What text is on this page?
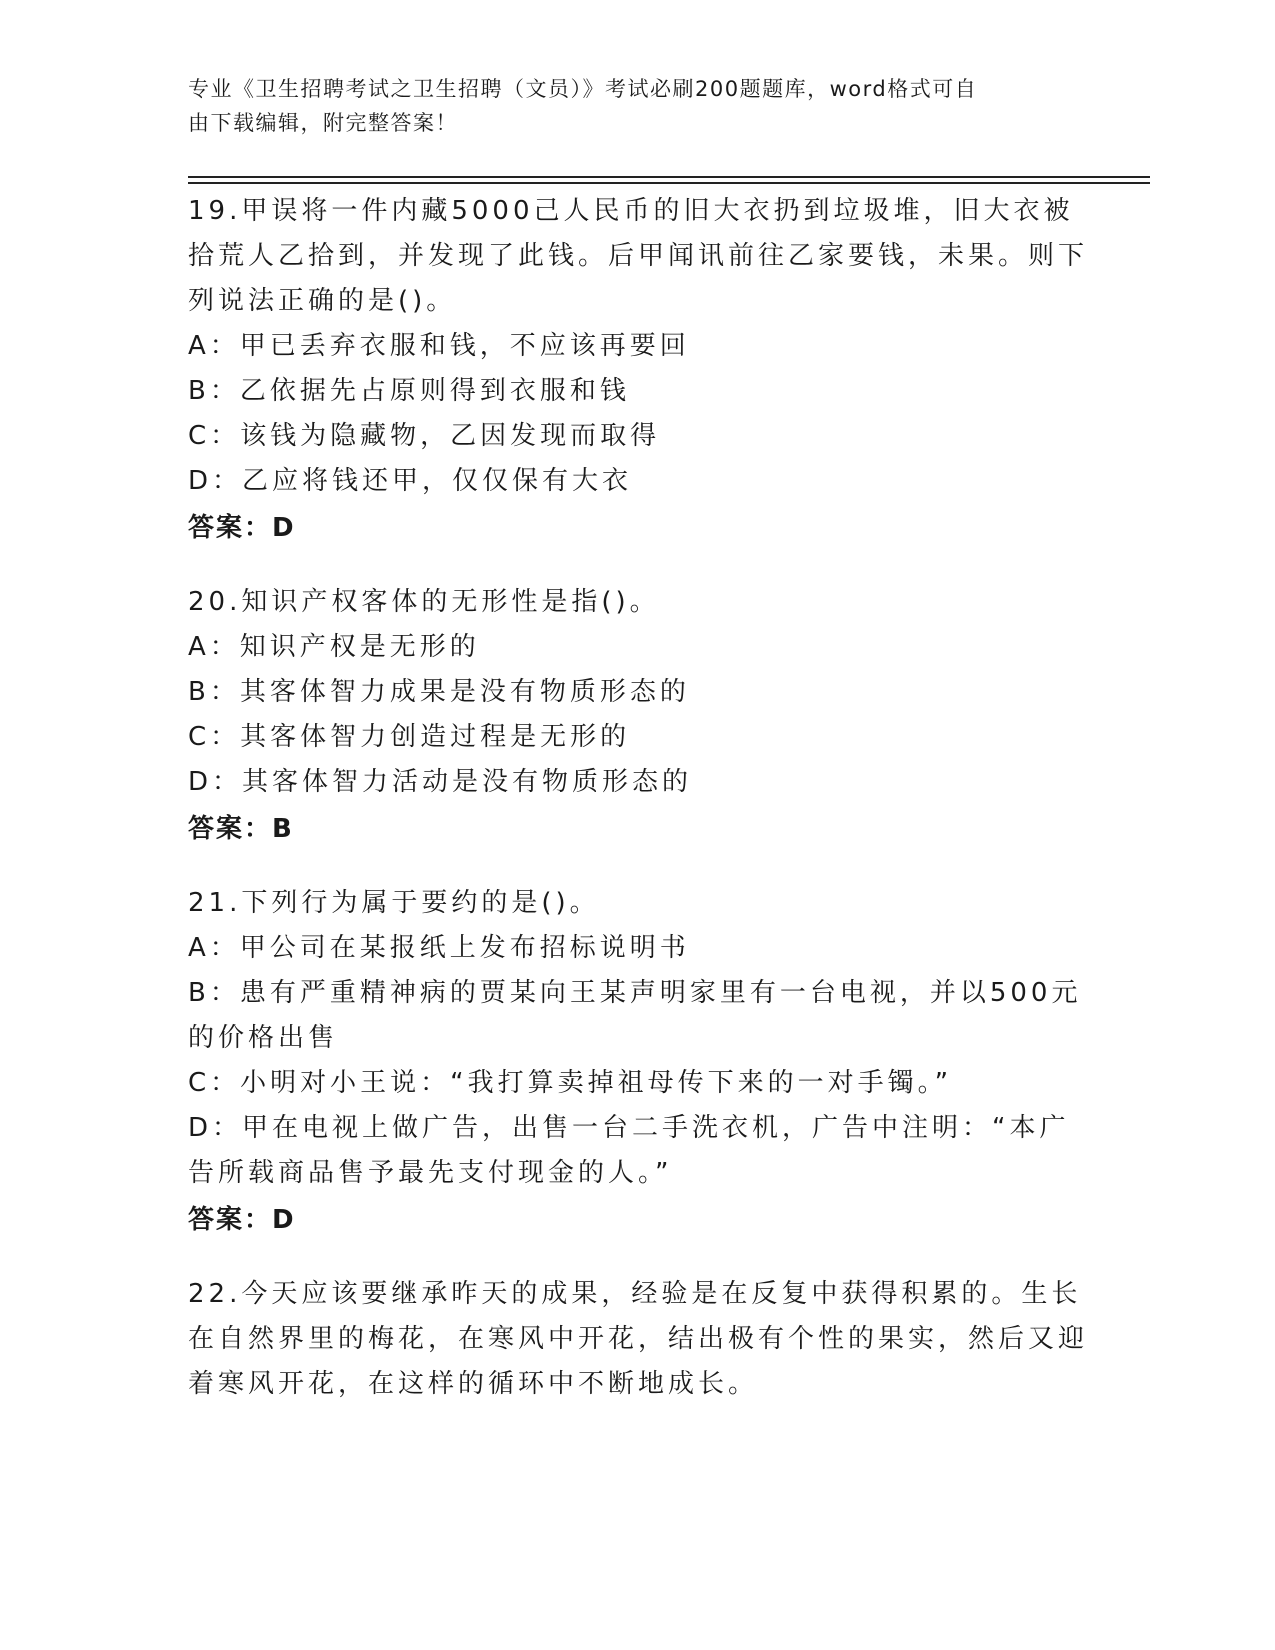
专业《卫生招聘考试之卫生招聘（文员）》考试必刷200题题库，word格式可自
由下载编辑，附完整答案！
19.甲误将一件内藏5000己人民币的旧大衣扔到垃圾堆，旧大衣被拾荒人乙拾到，并发现了此钱。后甲闻讯前往乙家要钱，未果。则下列说法正确的是()。
A：甲已丢弃衣服和钱，不应该再要回
B：乙依据先占原则得到衣服和钱
C：该钱为隐藏物，乙因发现而取得
D：乙应将钱还甲，仅仅保有大衣
答案：D
20.知识产权客体的无形性是指()。
A：知识产权是无形的
B：其客体智力成果是没有物质形态的
C：其客体智力创造过程是无形的
D：其客体智力活动是没有物质形态的
答案：B
21.下列行为属于要约的是()。
A：甲公司在某报纸上发布招标说明书
B：患有严重精神病的贾某向王某声明家里有一台电视，并以500元的价格出售
C：小明对小王说：“我打算卖掉祖母传下来的一对手镯。”
D：甲在电视上做广告，出售一台二手洗衣机，广告中注明：“本广告所载商品售予最先支付现金的人。”
答案：D
22.今天应该要继承昨天的成果，经验是在反复中获得积累的。生长在自然界里的梅花，在寒风中开花，结出极有个性的果实，然后又迎着寒风开花，在这样的循环中不断地成长。
